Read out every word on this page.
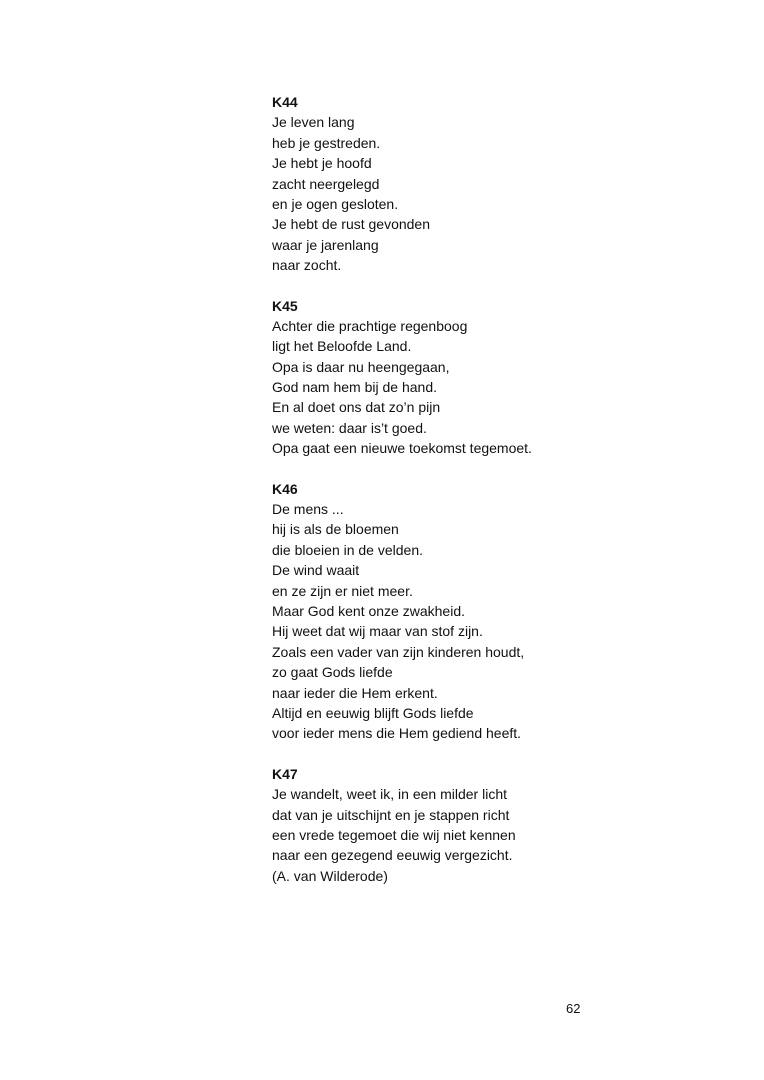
K44
Je leven lang
heb je gestreden.
Je hebt je hoofd
zacht neergelegd
en je ogen gesloten.
Je hebt de rust gevonden
waar je jarenlang
naar zocht.
K45
Achter die prachtige regenboog
ligt het Beloofde Land.
Opa is daar nu heengegaan,
God nam hem bij de hand.
En al doet ons dat zo’n pijn
we weten: daar is’t goed.
Opa gaat een nieuwe toekomst tegemoet.
K46
De mens ...
hij is als de bloemen
die bloeien in de velden.
De wind waait
en ze zijn er niet meer.
Maar God kent onze zwakheid.
Hij weet dat wij maar van stof zijn.
Zoals een vader van zijn kinderen houdt,
zo gaat Gods liefde
naar ieder die Hem erkent.
Altijd en eeuwig blijft Gods liefde
voor ieder mens die Hem gediend heeft.
K47
Je wandelt, weet ik, in een milder licht
dat van je uitschijnt en je stappen richt
een vrede tegemoet die wij niet kennen
naar een gezegend eeuwig vergezicht.
(A. van Wilderode)
62
